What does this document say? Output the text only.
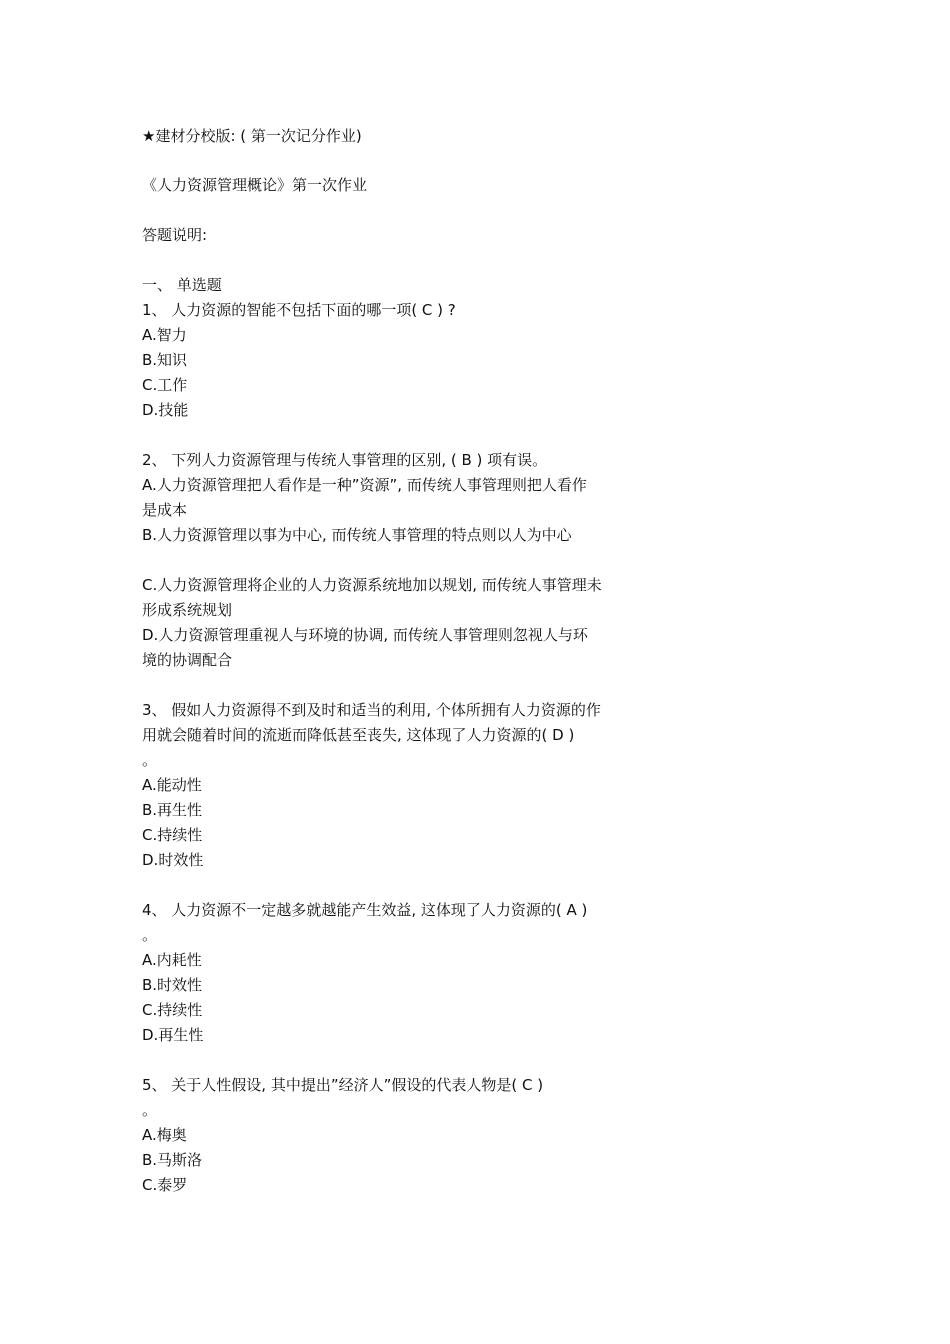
★建材分校版: ( 第一次记分作业)
《人力资源管理概论》第一次作业
答题说明:
一、 单选题
1、 人力资源的智能不包括下面的哪一项( C ) ?
A.智力
B.知识
C.工作
D.技能
2、 下列人力资源管理与传统人事管理的区别, ( B ) 项有误。
A.人力资源管理把人看作是一种”资源”, 而传统人事管理则把人看作
是成本
B.人力资源管理以事为中心, 而传统人事管理的特点则以人为中心
C.人力资源管理将企业的人力资源系统地加以规划, 而传统人事管理未
形成系统规划
D.人力资源管理重视人与环境的协调, 而传统人事管理则忽视人与环
境的协调配合
3、 假如人力资源得不到及时和适当的利用, 个体所拥有人力资源的作
用就会随着时间的流逝而降低甚至丧失, 这体现了人力资源的( D )
。
A.能动性
B.再生性
C.持续性
D.时效性
4、 人力资源不一定越多就越能产生效益, 这体现了人力资源的( A )
。
A.内耗性
B.时效性
C.持续性
D.再生性
5、 关于人性假设, 其中提出”经济人”假设的代表人物是( C )
。
A.梅奥
B.马斯洛
C.泰罗
